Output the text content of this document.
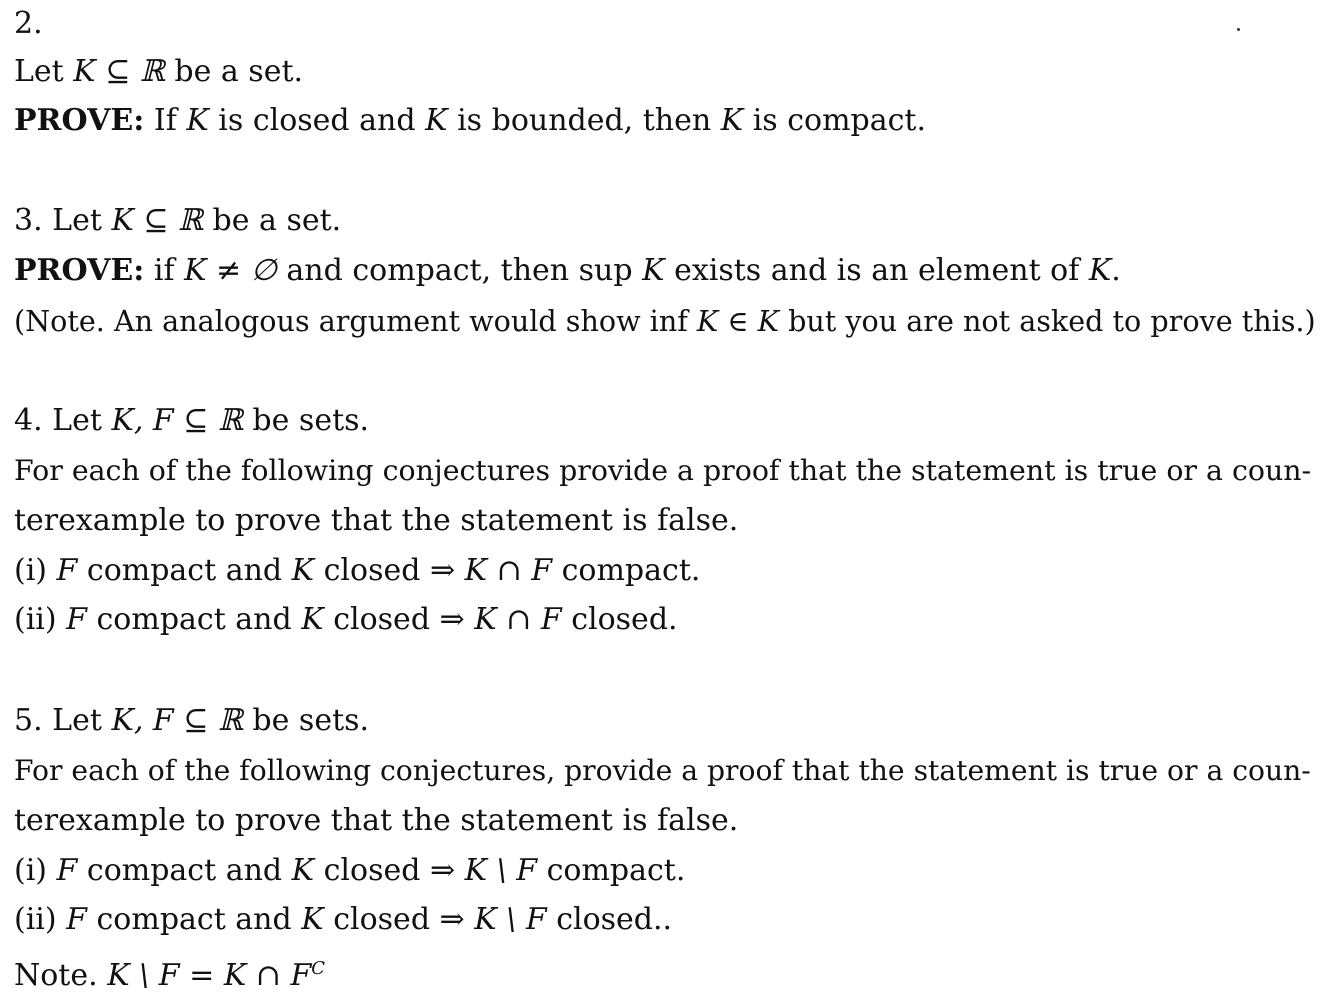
2.
Let K ⊆ ℝ be a set.
PROVE: If K is closed and K is bounded, then K is compact.
3. Let K ⊆ ℝ be a set.
PROVE: if K ≠ ∅ and compact, then sup K exists and is an element of K.
(Note. An analogous argument would show inf K ∈ K but you are not asked to prove this.)
4. Let K, F ⊆ ℝ be sets.
For each of the following conjectures provide a proof that the statement is true or a coun-
terexample to prove that the statement is false.
(i) F compact and K closed ⇒ K ∩ F compact.
(ii) F compact and K closed ⇒ K ∩ F closed.
5. Let K, F ⊆ ℝ be sets.
For each of the following conjectures, provide a proof that the statement is true or a coun-
terexample to prove that the statement is false.
(i) F compact and K closed ⇒ K \ F compact.
(ii) F compact and K closed ⇒ K \ F closed..
Note. K \ F = K ∩ $F^C$
